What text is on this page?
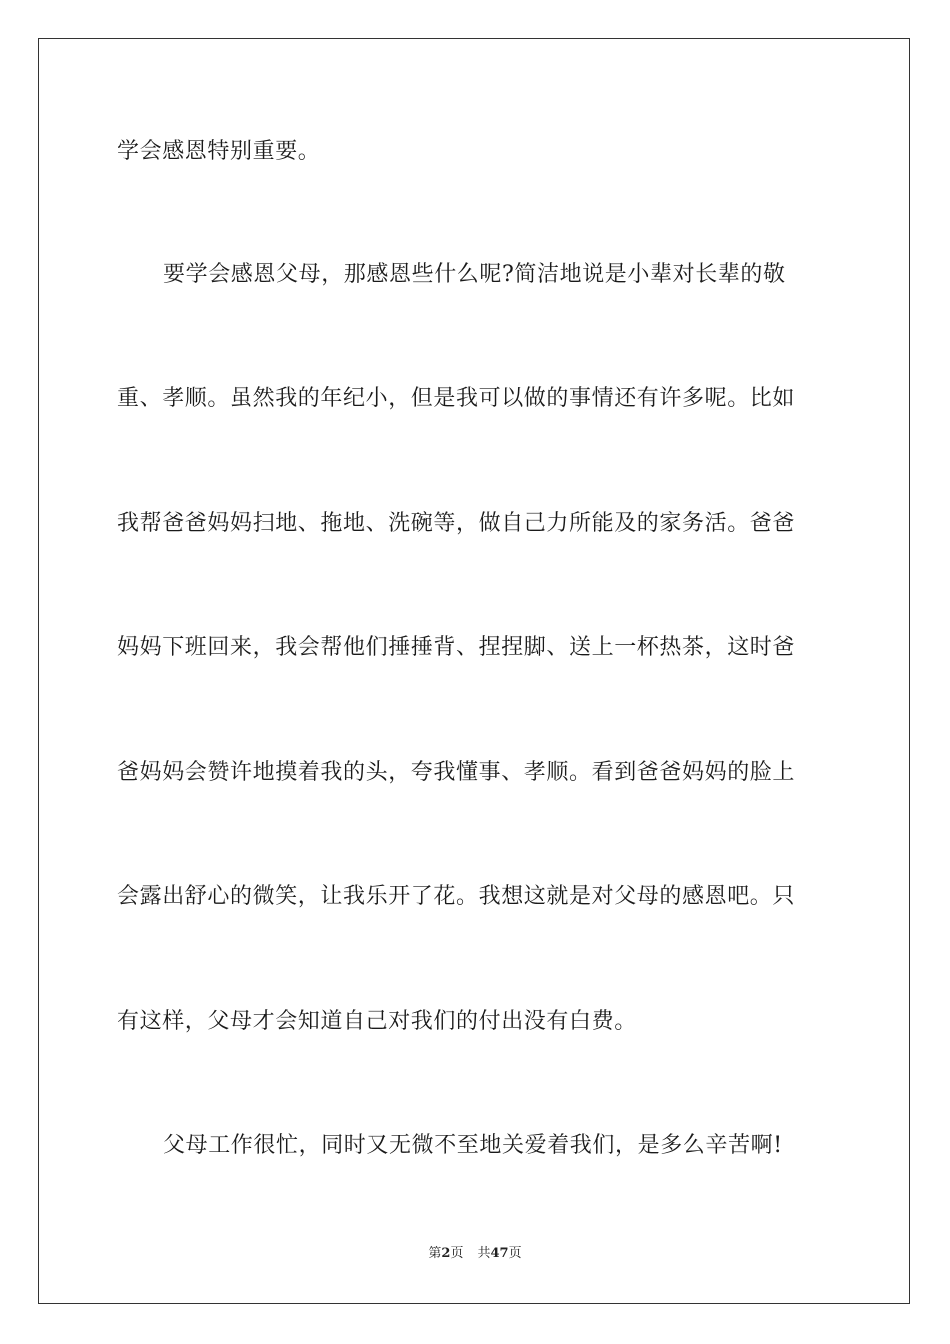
学会感恩特别重要。
要学会感恩父母，那感恩些什么呢?简洁地说是小辈对长辈的敬
重、孝顺。虽然我的年纪小，但是我可以做的事情还有许多呢。比如
我帮爸爸妈妈扫地、拖地、洗碗等，做自己力所能及的家务活。爸爸
妈妈下班回来，我会帮他们捶捶背、捏捏脚、送上一杯热茶，这时爸
爸妈妈会赞许地摸着我的头，夸我懂事、孝顺。看到爸爸妈妈的脸上
会露出舒心的微笑，让我乐开了花。我想这就是对父母的感恩吧。只
有这样，父母才会知道自己对我们的付出没有白费。
父母工作很忙，同时又无微不至地关爱着我们，是多么辛苦啊!
第2页 共47页
